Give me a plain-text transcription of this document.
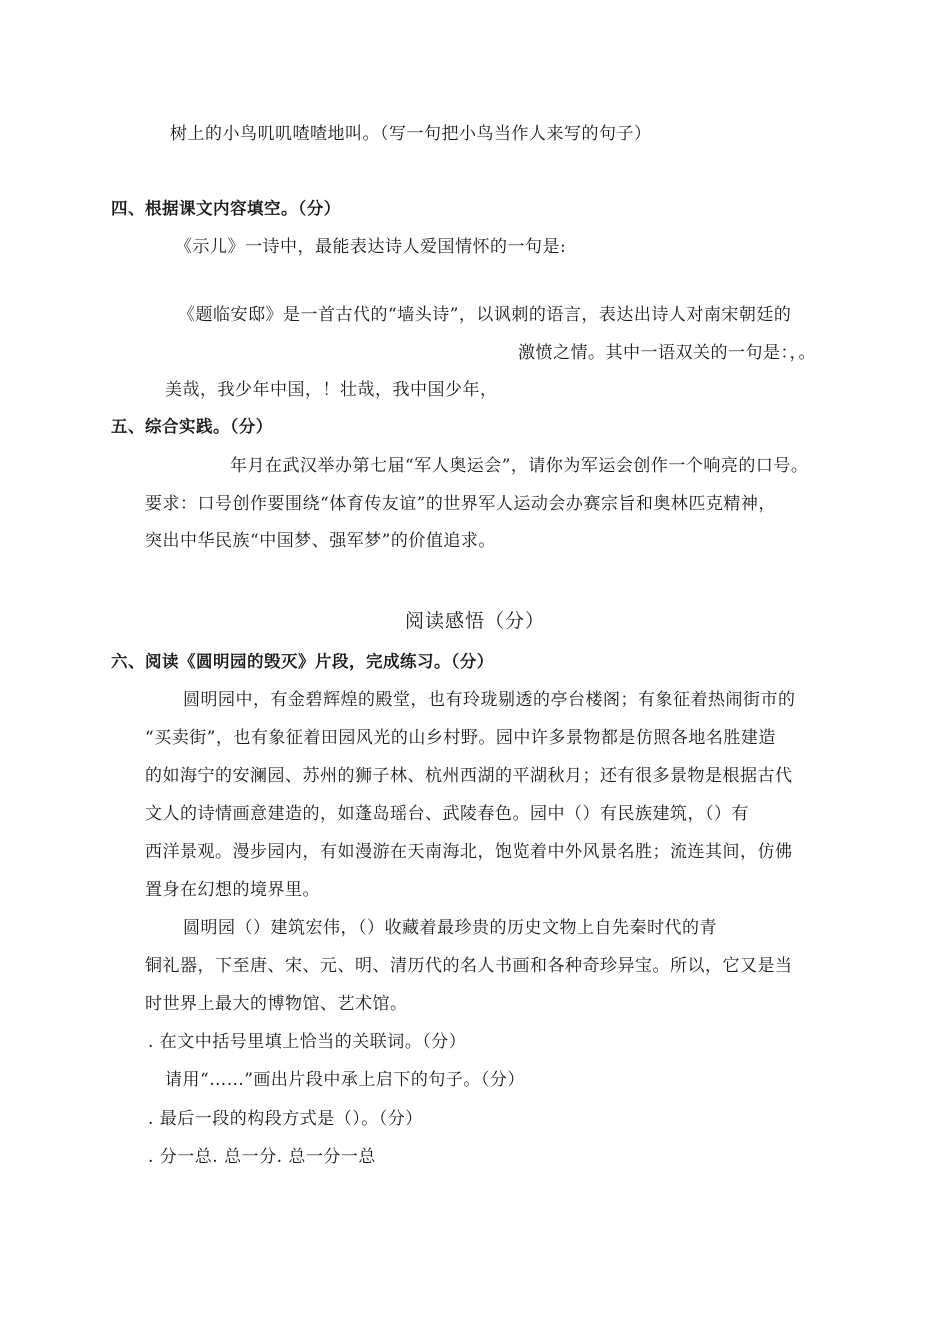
树上的小鸟叽叽喳喳地叫。（写一句把小鸟当作人来写的句子）
四、根据课文内容填空。（分）
《示儿》一诗中，最能表达诗人爱国情怀的一句是:
《题临安邸》是一首古代的“墙头诗”，以讽刺的语言，表达出诗人对南宋朝廷的
激愤之情。其中一语双关的一句是：，。
美哉，我少年中国，！壮哉，我中国少年，
五、综合实践。（分）
年月在武汉举办第七届“军人奥运会”，请你为军运会创作一个响亮的口号。
要求：口号创作要围绕“体育传友谊”的世界军人运动会办赛宗旨和奥林匹克精神，
突出中华民族“中国梦、强军梦”的价值追求。
阅读感悟（分）
六、阅读《圆明园的毁灭》片段，完成练习。（分）
圆明园中，有金碧辉煌的殿堂，也有玲珑剔透的亭台楼阁；有象征着热闹街市的
“买卖街”，也有象征着田园风光的山乡村野。园中许多景物都是仿照各地名胜建造
的如海宁的安澜园、苏州的狮子林、杭州西湖的平湖秋月；还有很多景物是根据古代
文人的诗情画意建造的，如蓬岛瑶台、武陵春色。园中（）有民族建筑，（）有
西洋景观。漫步园内，有如漫游在天南海北，饱览着中外风景名胜；流连其间，仿佛
置身在幻想的境界里。
圆明园（）建筑宏伟，（）收藏着最珍贵的历史文物上自先秦时代的青
铜礼器，下至唐、宋、元、明、清历代的名人书画和各种奇珍异宝。所以，它又是当
时世界上最大的博物馆、艺术馆。
. 在文中括号里填上恰当的关联词。（分）
请用“……”画出片段中承上启下的句子。（分）
. 最后一段的构段方式是（）。（分）
. 分一总. 总一分. 总一分一总
